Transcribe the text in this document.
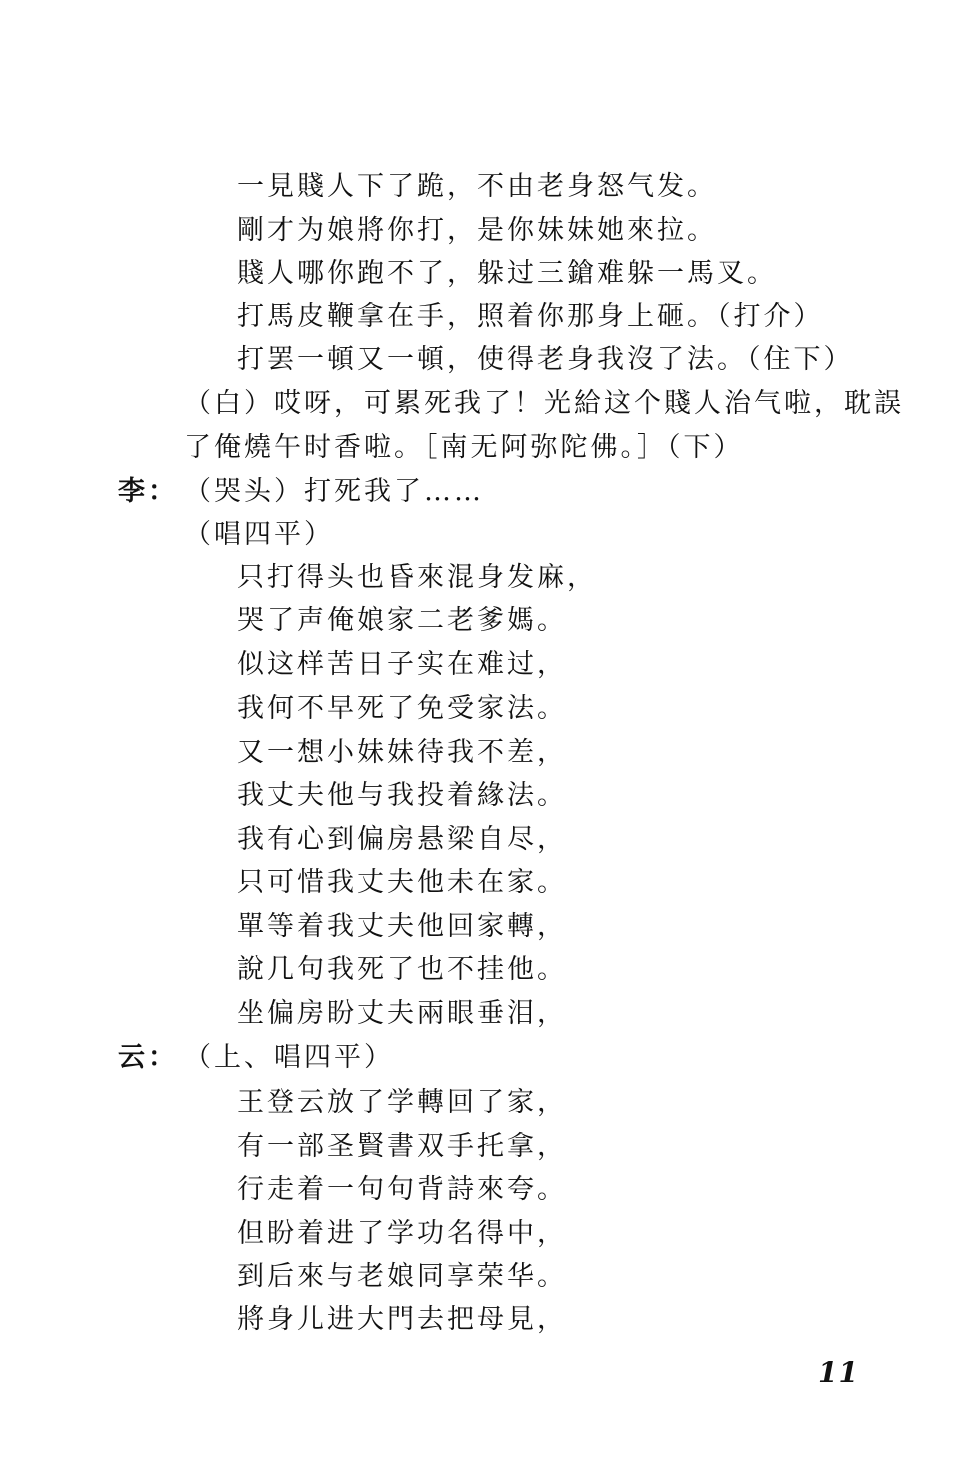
一見賤人下了跪，不由老身怒气发。
剛才为娘將你打，是你妹妹她來拉。
賤人哪你跑不了，躲过三鎗难躲一馬叉。
打馬皮鞭拿在手，照着你那身上砸。（打介）
打罢一頓又一頓，使得老身我沒了法。（住下）
（白）哎呀，可累死我了！光給这个賤人治气啦，耽誤
了俺燒午时香啦。［南无阿弥陀佛。］（下）
李： （哭头）打死我了……
（唱四平）
只打得头也昏來混身发麻，
哭了声俺娘家二老爹媽。
似这样苦日子实在难过，
我何不早死了免受家法。
又一想小妹妹待我不差，
我丈夫他与我投着緣法。
我有心到偏房悬梁自尽，
只可惜我丈夫他未在家。
單等着我丈夫他回家轉，
說几句我死了也不挂他。
坐偏房盼丈夫兩眼垂泪，
云： （上、唱四平）
王登云放了学轉回了家，
有一部圣賢書双手托拿，
行走着一句句背詩來夸。
但盼着进了学功名得中，
到后來与老娘同享荣华。
將身儿进大門去把母見，
11
